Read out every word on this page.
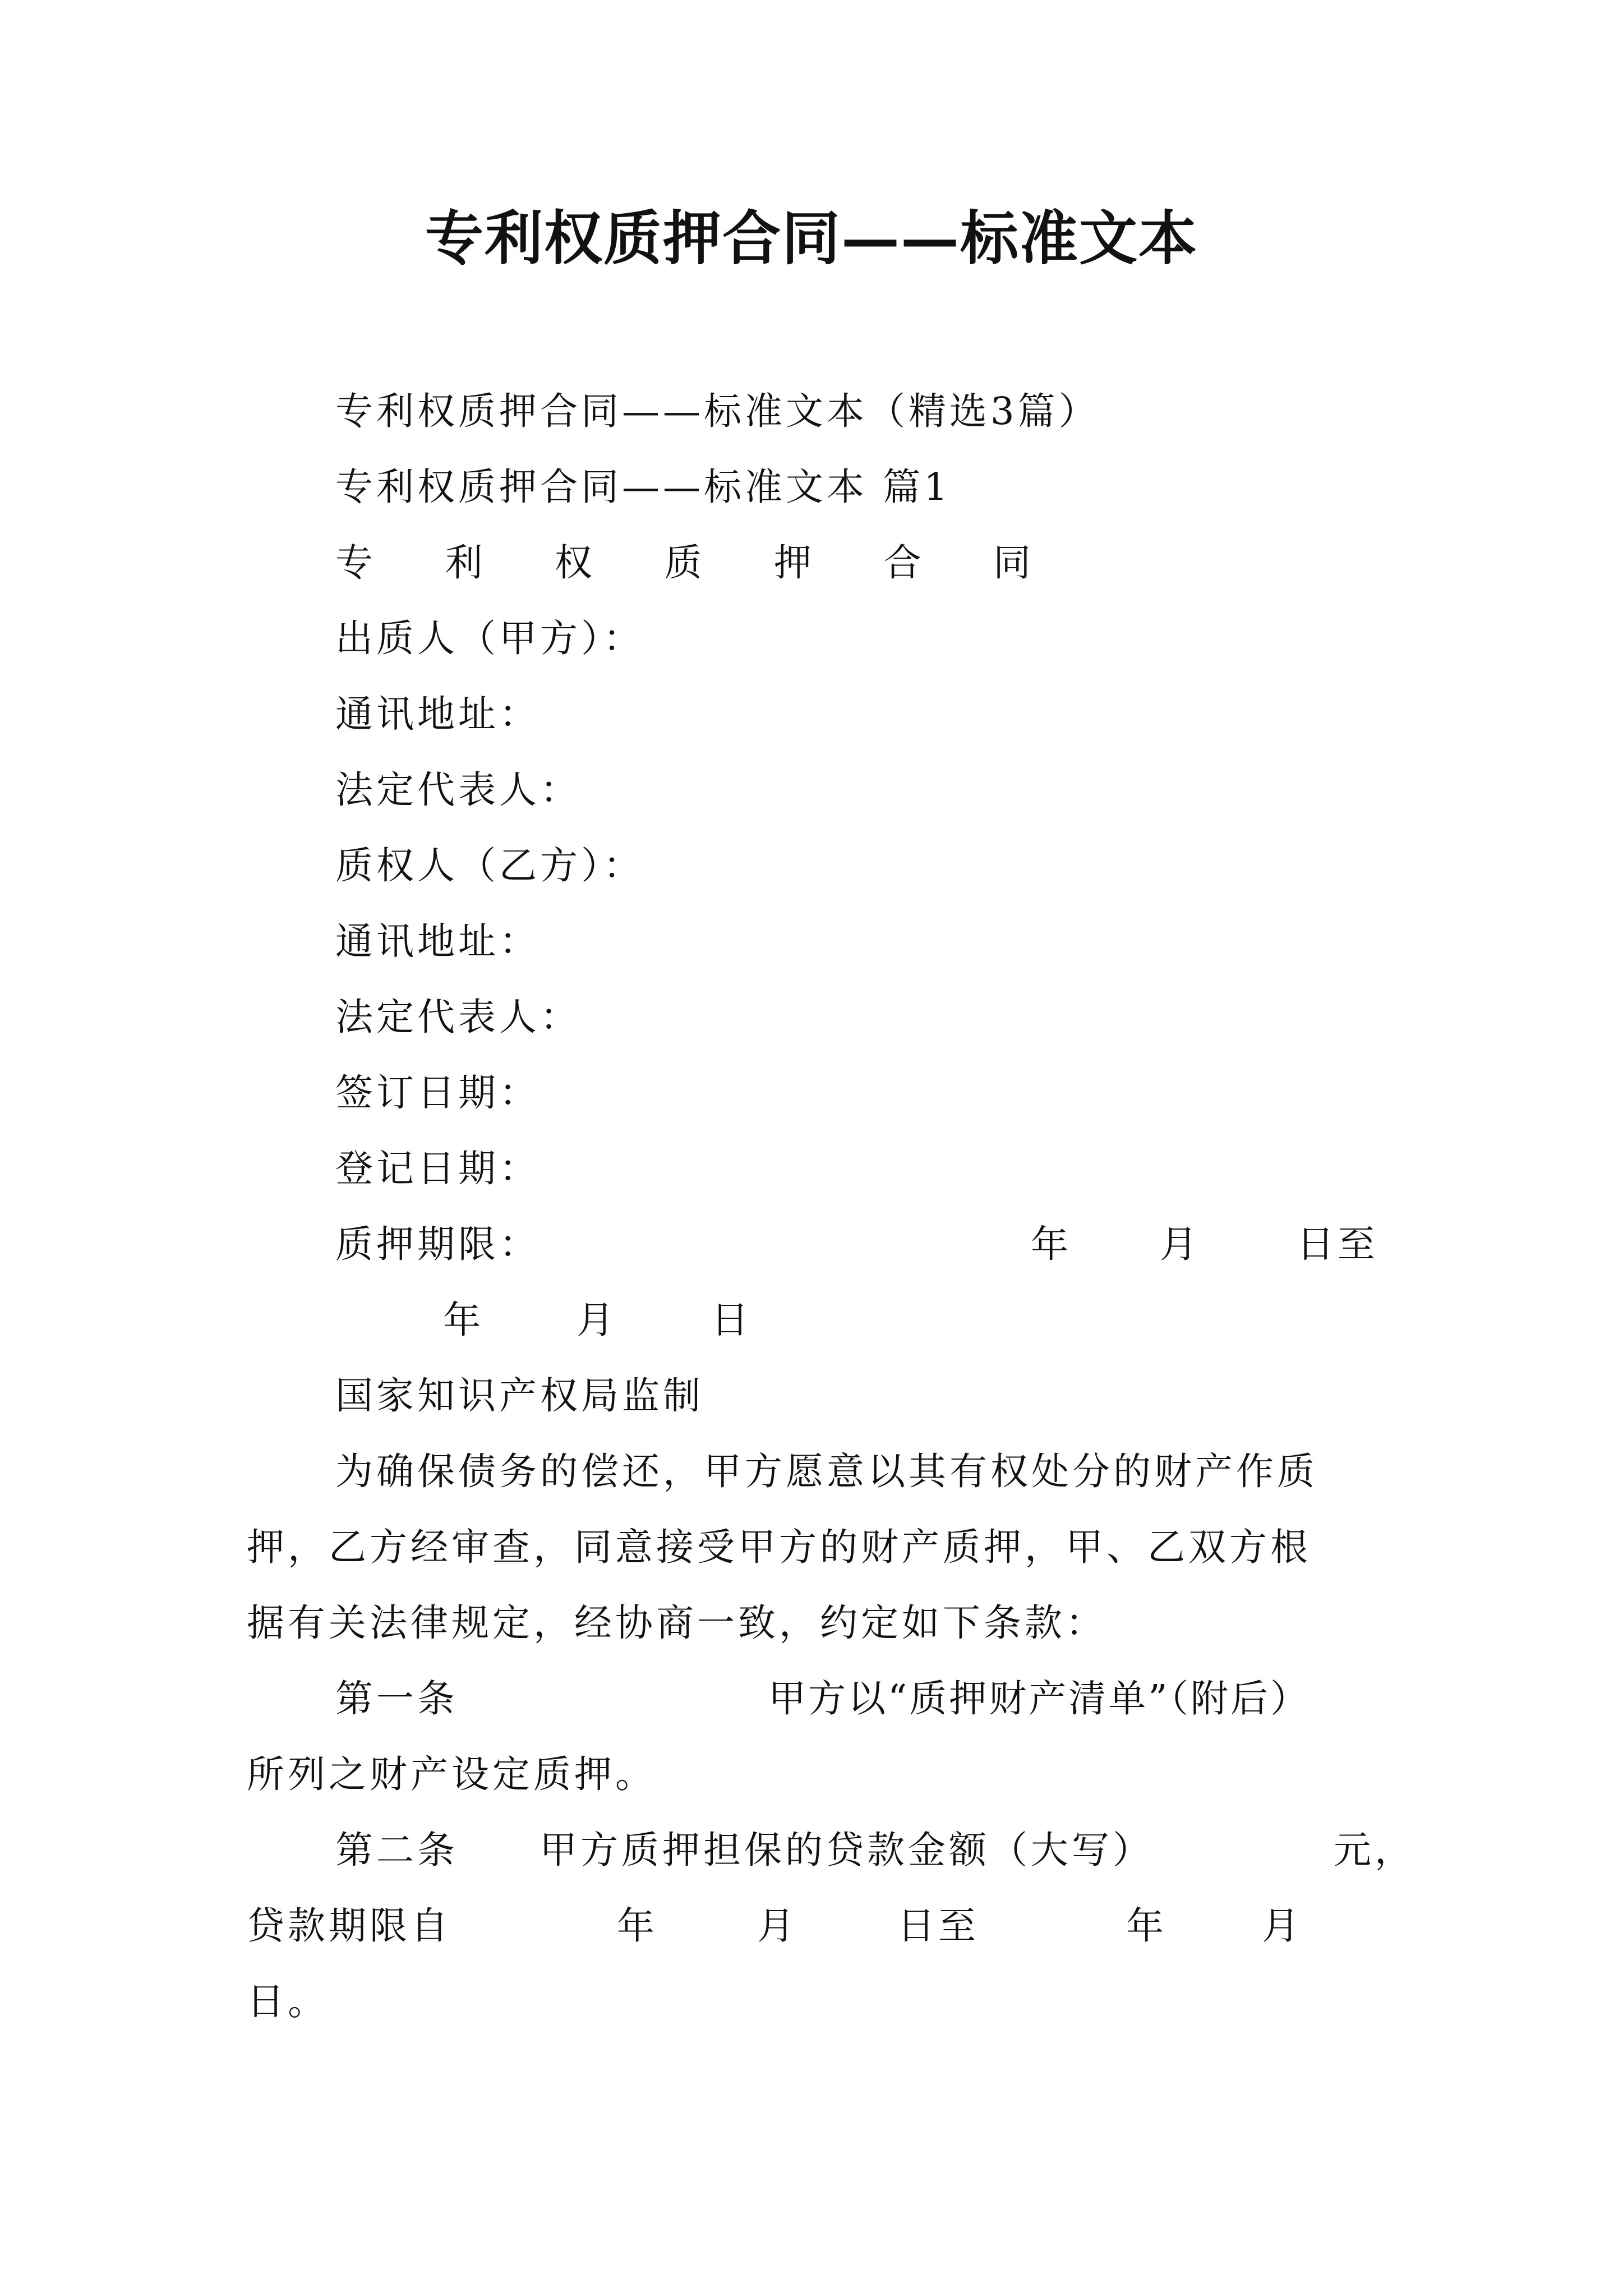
专利权质押合同——标准文本
专利权质押合同——标准文本（精选3篇）
专利权质押合同——标准文本 篇1
专 利 权 质 押 合 同
出质人（甲方）：
通讯地址：
法定代表人：
质权人（乙方）：
通讯地址：
法定代表人：
签订日期：
登记日期：
质押期限：	年 月	日至
年 月 日
国家知识产权局监制
为确保债务的偿还，甲方愿意以其有权处分的财产作质
押，乙方经审查，同意接受甲方的财产质押，甲、乙双方根
据有关法律规定，经协商一致，约定如下条款：
第一条	甲方以“质押财产清单”（附后）
所列之财产设定质押。
第二条 甲方质押担保的贷款金额（大写）	元，
贷款期限自	年	月	日至	年	月
日。
